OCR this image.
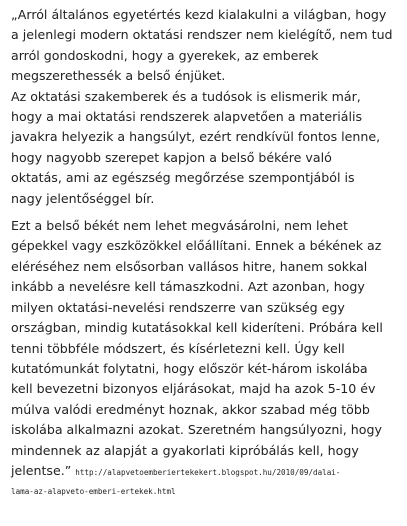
„Arról általános egyetértés kezd kialakulni a világban, hogy
a jelenlegi modern oktatási rendszer nem kielégítő, nem tud
arról gondoskodni, hogy a gyerekek, az emberek
megszerethessék a belső énjüket.
Az oktatási szakemberek és a tudósok is elismerik már,
hogy a mai oktatási rendszerek alapvetően a materiális
javakra helyezik a hangsúlyt, ezért rendkívül fontos lenne,
hogy nagyobb szerepet kapjon a belső békére való
oktatás, ami az egészség megőrzése szempontjából is
nagy jelentőséggel bír.

Ezt a belső békét nem lehet megvásárolni, nem lehet
gépekkel vagy eszközökkel előállítani. Ennek a békének az
eléréséhez nem elsősorban vallásos hitre, hanem sokkal
inkább a nevelésre kell támaszkodni. Azt azonban, hogy
milyen oktatási-nevelési rendszerre van szükség egy
országban, mindig kutatásokkal kell kideríteni. Próbára kell
tenni többféle módszert, és kísérletezni kell. Úgy kell
kutatómunkát folytatni, hogy először két-három iskolába
kell bevezetni bizonyos eljárásokat, majd ha azok 5-10 év
múlva valódi eredményt hoznak, akkor szabad még több
iskolába alkalmazni azokat. Szeretném hangsúlyozni, hogy
mindennek az alapját a gyakorlati kipróbálás kell, hogy
jelentse.” http://alapvetoemberiertekekert.blogspot.hu/2010/09/dalai-
lama-az-alapveto-emberi-ertekek.html
